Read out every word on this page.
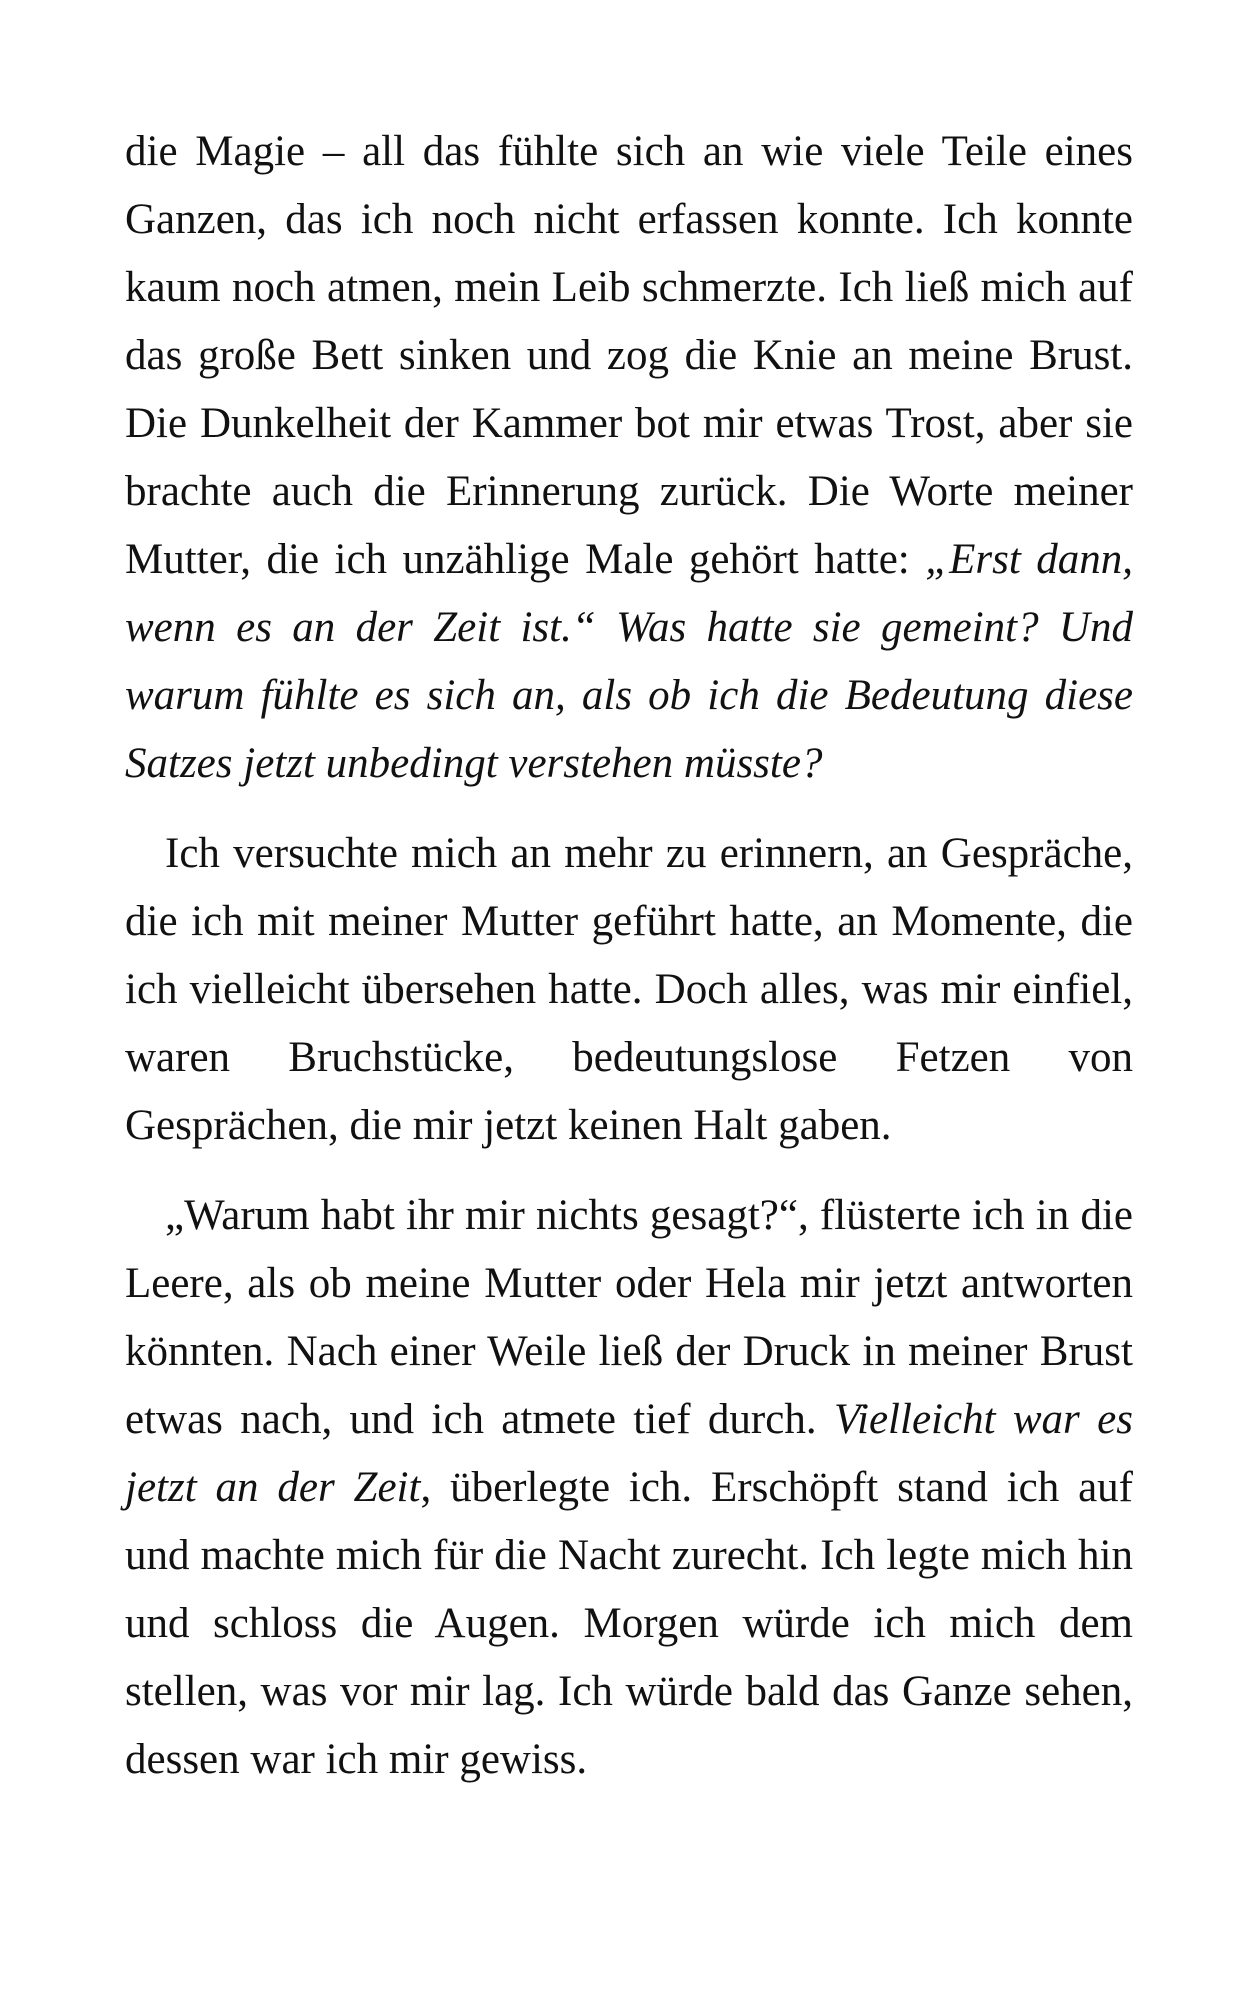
die Magie – all das fühlte sich an wie viele Teile eines Ganzen, das ich noch nicht erfassen konnte. Ich konnte kaum noch atmen, mein Leib schmerzte. Ich ließ mich auf das große Bett sinken und zog die Knie an meine Brust. Die Dunkelheit der Kammer bot mir etwas Trost, aber sie brachte auch die Erinnerung zurück. Die Worte meiner Mutter, die ich unzählige Male gehört hatte: „Erst dann, wenn es an der Zeit ist.“ Was hatte sie gemeint? Und warum fühlte es sich an, als ob ich die Bedeutung diese Satzes jetzt unbedingt verstehen müsste?

Ich versuchte mich an mehr zu erinnern, an Gespräche, die ich mit meiner Mutter geführt hatte, an Momente, die ich vielleicht übersehen hatte. Doch alles, was mir einfiel, waren Bruchstücke, bedeutungslose Fetzen von Gesprächen, die mir jetzt keinen Halt gaben.

„Warum habt ihr mir nichts gesagt?“, flüsterte ich in die Leere, als ob meine Mutter oder Hela mir jetzt antworten könnten. Nach einer Weile ließ der Druck in meiner Brust etwas nach, und ich atmete tief durch. Vielleicht war es jetzt an der Zeit, überlegte ich. Erschöpft stand ich auf und machte mich für die Nacht zurecht. Ich legte mich hin und schloss die Augen. Morgen würde ich mich dem stellen, was vor mir lag. Ich würde bald das Ganze sehen, dessen war ich mir gewiss.
